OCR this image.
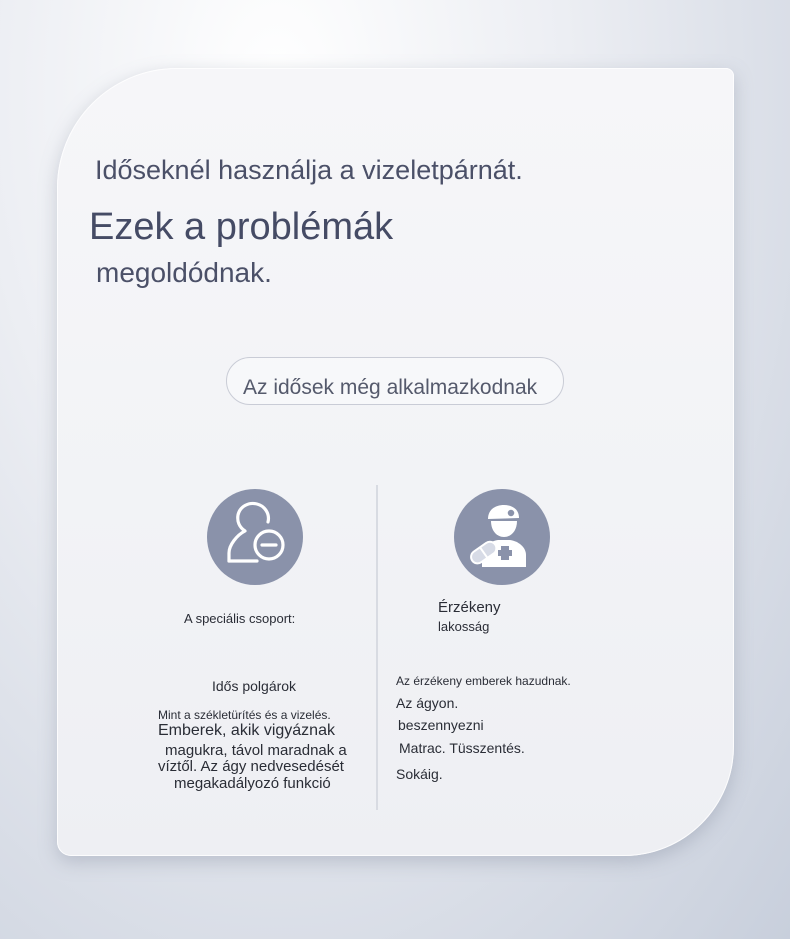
Időseknél használja a vizeletpárnát.
Ezek a problémák
megoldódnak.
Az idősek még alkalmazkodnak
A speciális csoport:
Idős polgárok
Mint a székletürítés és a vizelés.
Emberek, akik vigyáznak
magukra, távol maradnak a
víztől. Az ágy nedvesedését
megakadályozó funkció
Érzékeny
lakosság
Az érzékeny emberek hazudnak.
Az ágyon.
beszennyezni
Matrac. Tüsszentés.
Sokáig.
